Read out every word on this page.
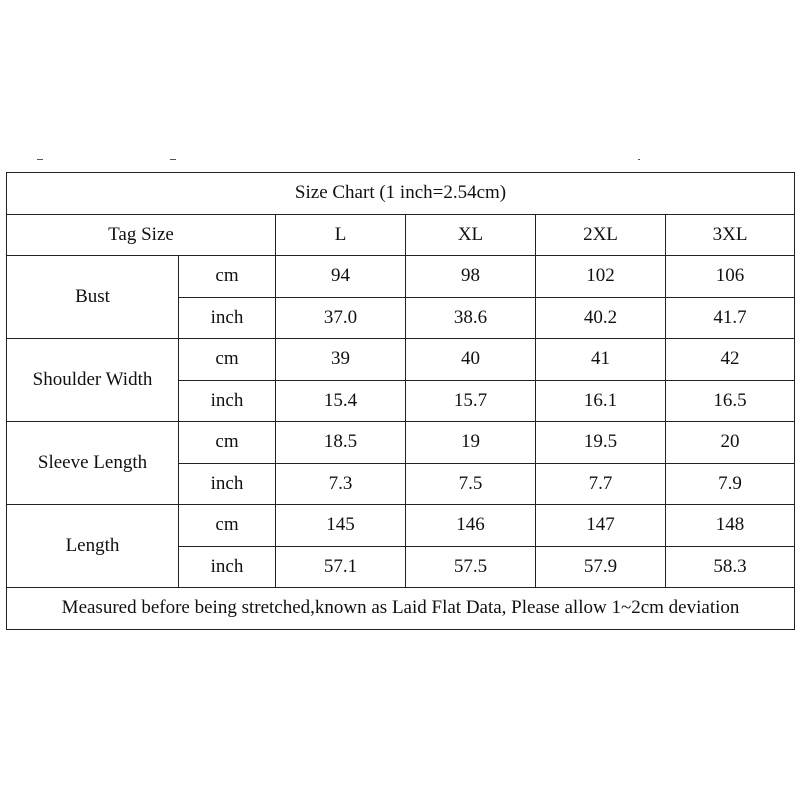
Size Chart (1 inch=2.54cm)					
Tag Size		L	XL	2XL	3XL
Bust	cm	94	98	102	106
	inch	37.0	38.6	40.2	41.7
Shoulder Width	cm	39	40	41	42
	inch	15.4	15.7	16.1	16.5
Sleeve Length	cm	18.5	19	19.5	20
	inch	7.3	7.5	7.7	7.9
Length	cm	145	146	147	148
	inch	57.1	57.5	57.9	58.3
Measured before being stretched,known as Laid Flat Data, Please allow 1~2cm deviation					
